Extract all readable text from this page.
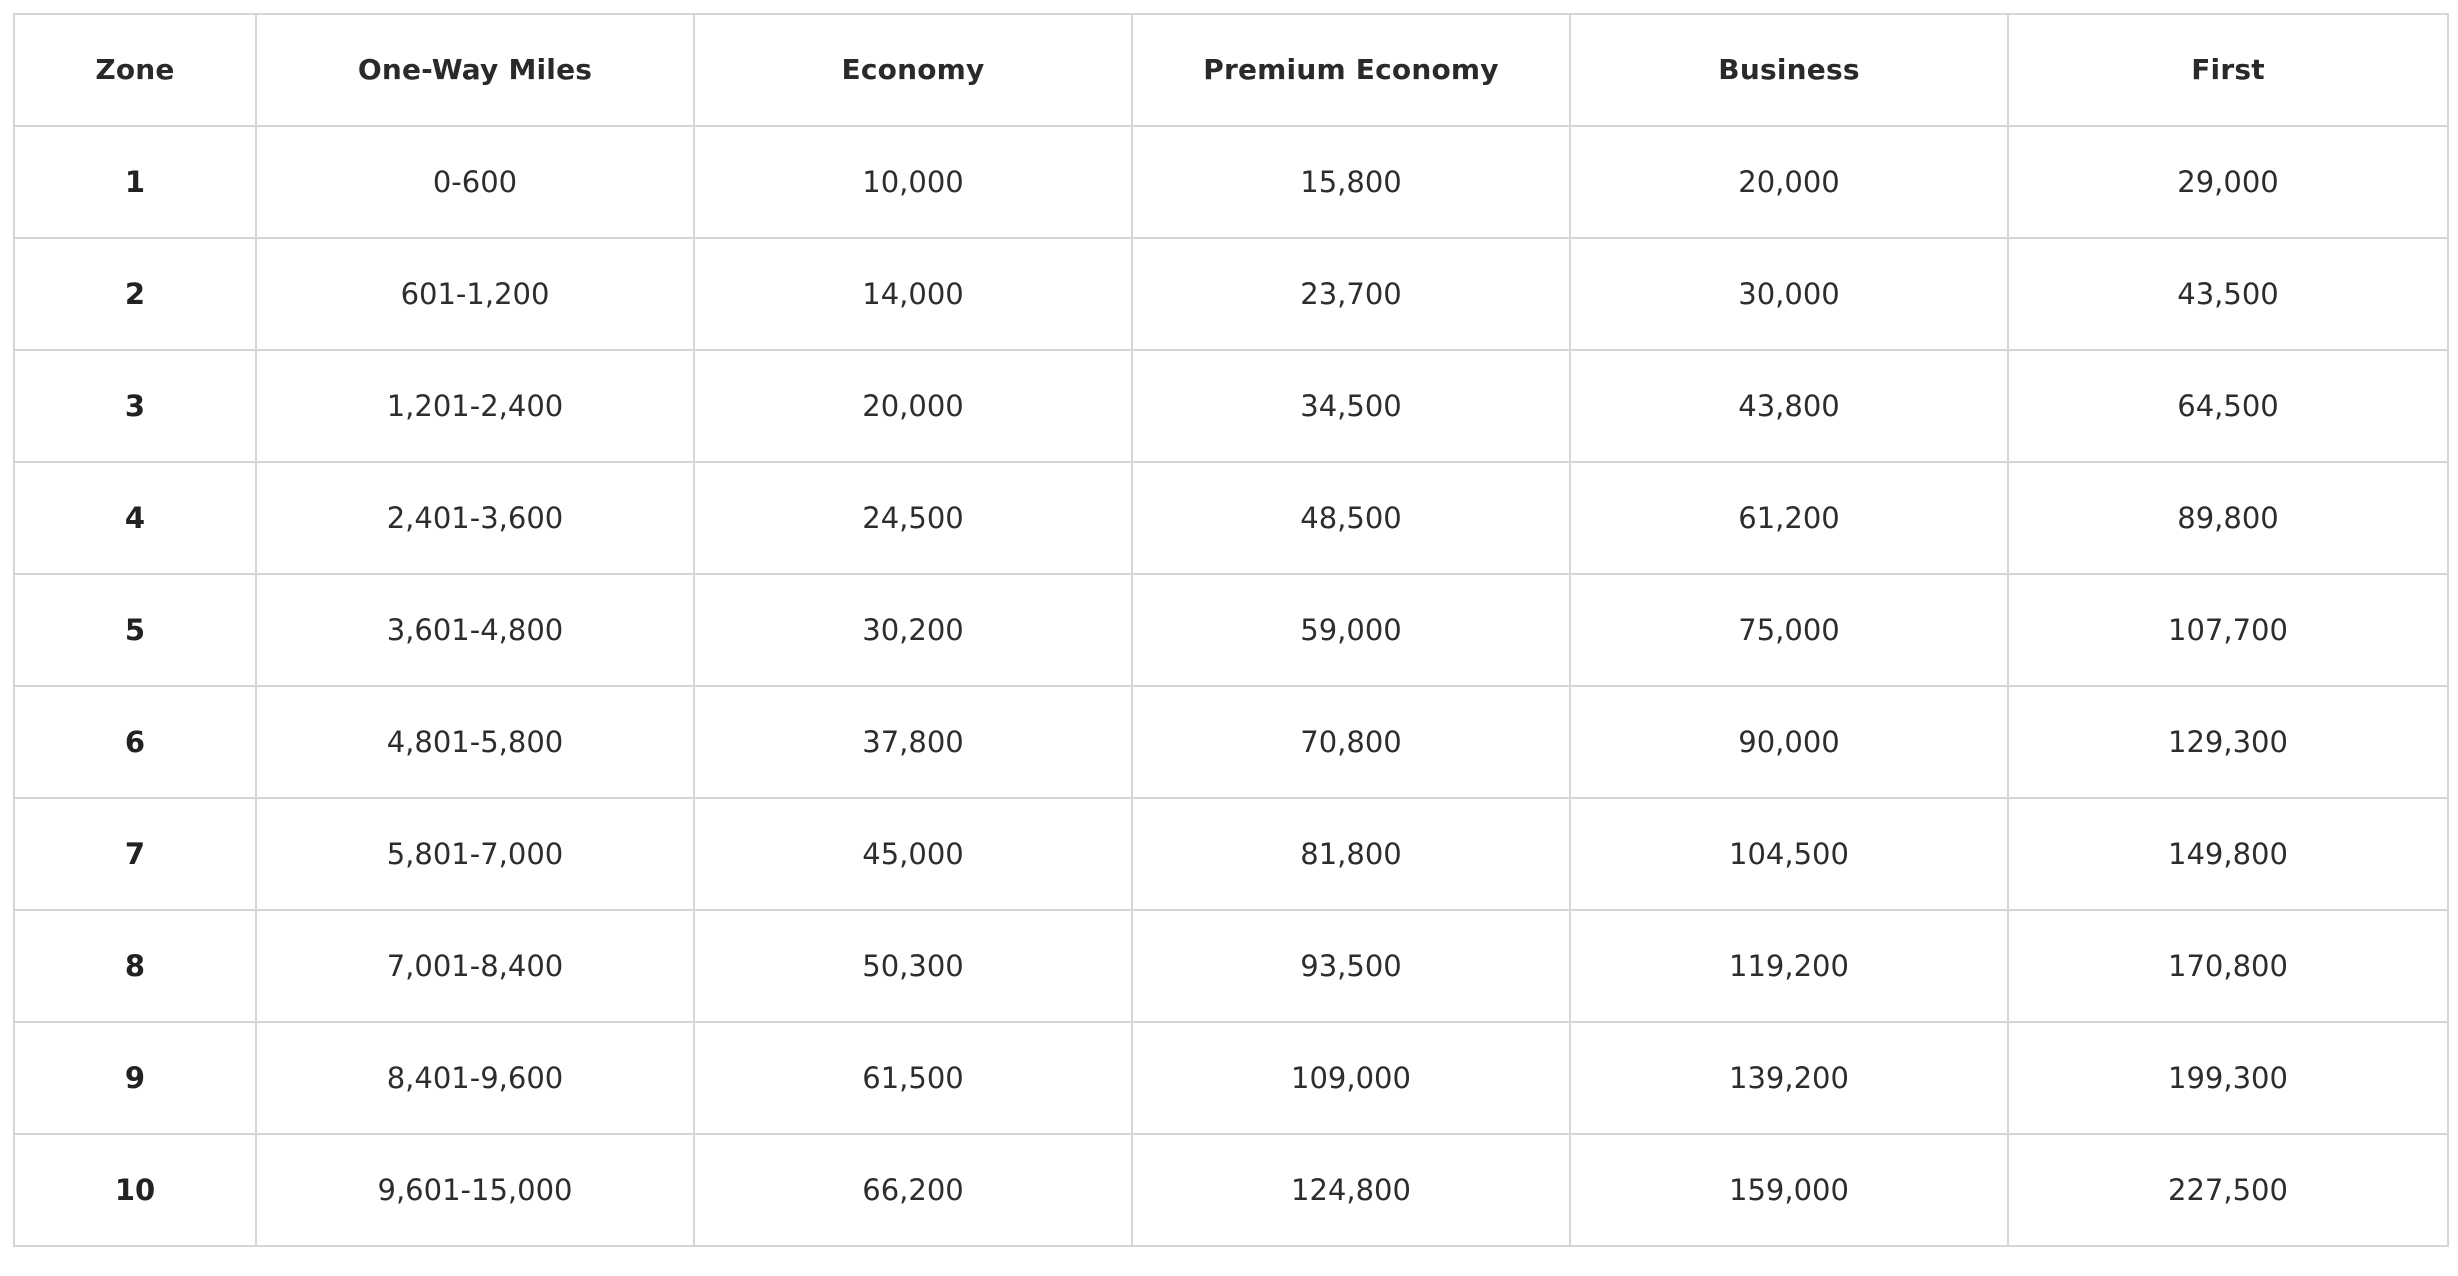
Zone	One-Way Miles	Economy	Premium Economy	Business	First
1	0-600	10,000	15,800	20,000	29,000
2	601-1,200	14,000	23,700	30,000	43,500
3	1,201-2,400	20,000	34,500	43,800	64,500
4	2,401-3,600	24,500	48,500	61,200	89,800
5	3,601-4,800	30,200	59,000	75,000	107,700
6	4,801-5,800	37,800	70,800	90,000	129,300
7	5,801-7,000	45,000	81,800	104,500	149,800
8	7,001-8,400	50,300	93,500	119,200	170,800
9	8,401-9,600	61,500	109,000	139,200	199,300
10	9,601-15,000	66,200	124,800	159,000	227,500
